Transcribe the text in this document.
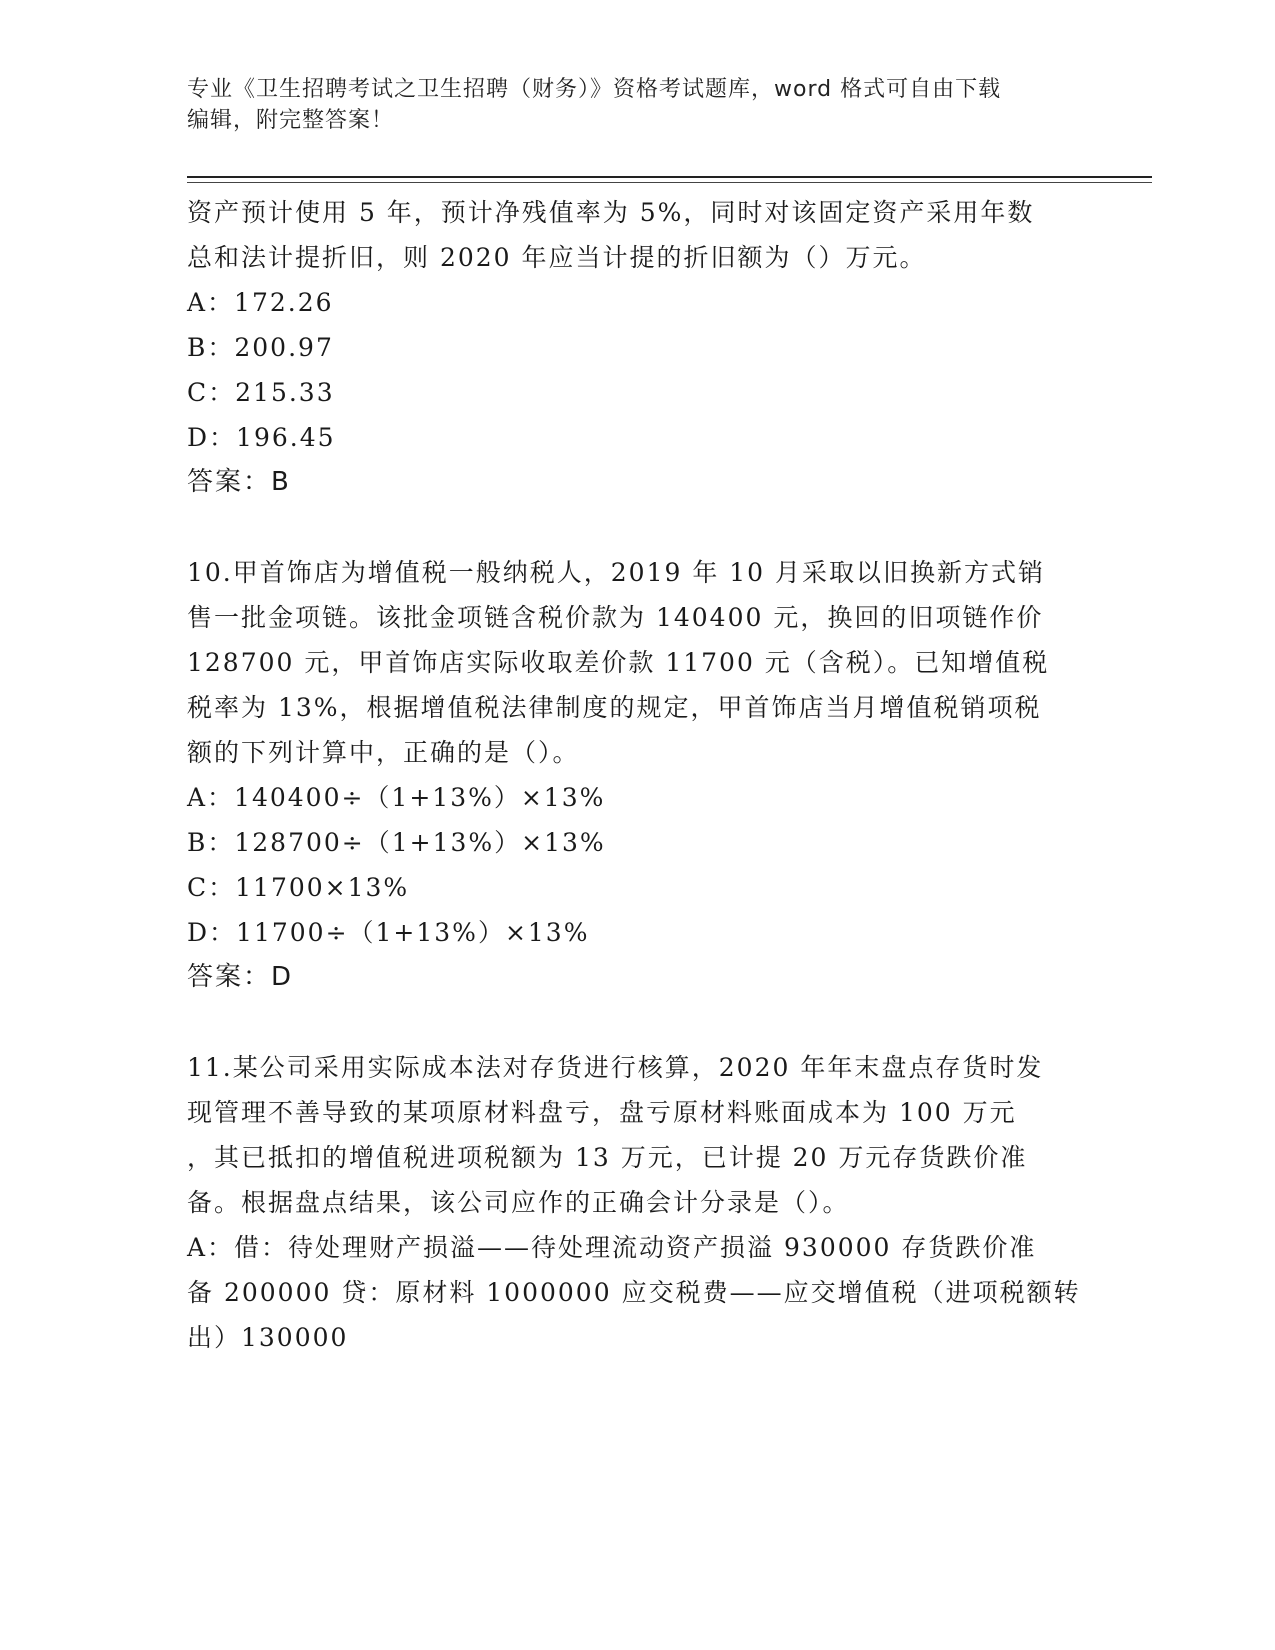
专业《卫生招聘考试之卫生招聘（财务）》资格考试题库，word 格式可自由下载
编辑，附完整答案！
资产预计使用 5 年，预计净残值率为 5%，同时对该固定资产采用年数
总和法计提折旧，则 2020 年应当计提的折旧额为（）万元。
A：172.26
B：200.97
C：215.33
D：196.45
答案：B
10.甲首饰店为增值税一般纳税人，2019 年 10 月采取以旧换新方式销
售一批金项链。该批金项链含税价款为 140400 元，换回的旧项链作价
128700 元，甲首饰店实际收取差价款 11700 元（含税）。已知增值税
税率为 13%，根据增值税法律制度的规定，甲首饰店当月增值税销项税
额的下列计算中，正确的是（）。
A：140400÷（1+13%）×13%
B：128700÷（1+13%）×13%
C：11700×13%
D：11700÷（1+13%）×13%
答案：D
11.某公司采用实际成本法对存货进行核算，2020 年年末盘点存货时发
现管理不善导致的某项原材料盘亏，盘亏原材料账面成本为 100 万元
，其已抵扣的增值税进项税额为 13 万元，已计提 20 万元存货跌价准
备。根据盘点结果，该公司应作的正确会计分录是（）。
A：借：待处理财产损溢——待处理流动资产损溢 930000 存货跌价准
备 200000 贷：原材料 1000000 应交税费——应交增值税（进项税额转
出）130000
